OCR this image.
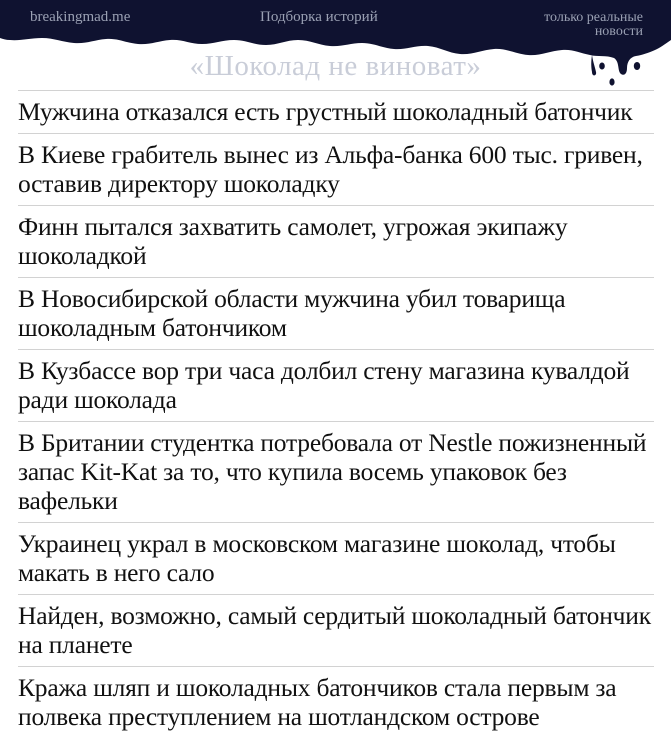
breakingmad.me	Подборка историй	только реальные новости
«Шоколад не виноват»
Мужчина отказался есть грустный шоколадный батончик
В Киеве грабитель вынес из Альфа-банка 600 тыс. гривен, оставив директору шоколадку
Финн пытался захватить самолет, угрожая экипажу шоколадкой
В Новосибирской области мужчина убил товарища шоколадным батончиком
В Кузбассе вор три часа долбил стену магазина кувалдой ради шоколада
В Британии студентка потребовала от Nestle пожизненный запас Kit-Kat за то, что купила восемь упаковок без вафельки
Украинец украл в московском магазине шоколад, чтобы макать в него сало
Найден, возможно, самый сердитый шоколадный батончик на планете
Кража шляп и шоколадных батончиков стала первым за полвека преступлением на шотландском острове
